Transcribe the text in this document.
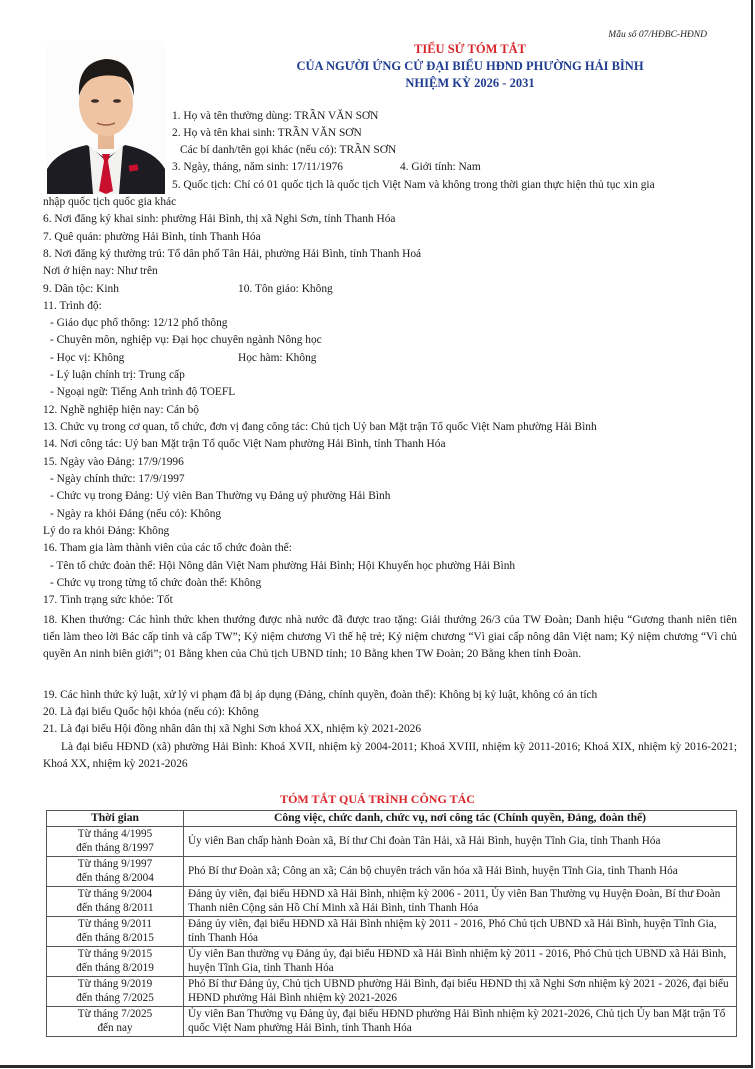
Mẫu số 07/HĐBC-HĐND
TIỂU SỬ TÓM TẮT
CỦA NGƯỜI ỨNG CỬ ĐẠI BIỂU HĐND PHƯỜNG HẢI BÌNH
NHIỆM KỲ 2026 - 2031
1. Họ và tên thường dùng: TRẦN VĂN SƠN
2. Họ và tên khai sinh: TRẦN VĂN SƠN
Các bí danh/tên gọi khác (nếu có): TRẦN SƠN
3. Ngày, tháng, năm sinh: 17/11/1976	4. Giới tính: Nam
5. Quốc tịch: Chỉ có 01 quốc tịch là quốc tịch Việt Nam và không trong thời gian thực hiện thủ tục xin gia
nhập quốc tịch quốc gia khác
6. Nơi đăng ký khai sinh: phường Hải Bình, thị xã Nghi Sơn, tỉnh Thanh Hóa
7. Quê quán: phường Hải Bình, tỉnh Thanh Hóa
8. Nơi đăng ký thường trú: Tổ dân phố Tân Hải, phường Hải Bình, tỉnh Thanh Hoá
Nơi ở hiện nay: Như trên
9. Dân tộc: Kinh	10. Tôn giáo: Không
11. Trình độ:
- Giáo dục phổ thông: 12/12 phổ thông
- Chuyên môn, nghiệp vụ: Đại học chuyên ngành Nông học
- Học vị: Không	Học hàm: Không
- Lý luận chính trị: Trung cấp
- Ngoại ngữ: Tiếng Anh trình độ TOEFL
12. Nghề nghiệp hiện nay: Cán bộ
13. Chức vụ trong cơ quan, tổ chức, đơn vị đang công tác: Chủ tịch Uỷ ban Mặt trận Tổ quốc Việt Nam phường Hải Bình
14. Nơi công tác: Uỷ ban Mặt trận Tổ quốc Việt Nam phường Hải Bình, tỉnh Thanh Hóa
15. Ngày vào Đảng: 17/9/1996
- Ngày chính thức: 17/9/1997
- Chức vụ trong Đảng: Uỷ viên Ban Thường vụ Đảng uỷ phường Hải Bình
- Ngày ra khỏi Đảng (nếu có): Không
Lý do ra khỏi Đảng: Không
16. Tham gia làm thành viên của các tổ chức đoàn thể:
- Tên tổ chức đoàn thể: Hội Nông dân Việt Nam phường Hải Bình; Hội Khuyến học phường Hải Bình
- Chức vụ trong từng tổ chức đoàn thể: Không
17. Tình trạng sức khỏe: Tốt
18. Khen thưởng: Các hình thức khen thưởng được nhà nước đã được trao tặng: Giải thưởng 26/3 của TW Đoàn; Danh hiệu “Gương thanh niên tiên tiến làm theo lời Bác cấp tỉnh và cấp TW”; Kỷ niệm chương Vì thế hệ trẻ; Kỷ niệm chương “Vì giai cấp nông dân Việt nam; Kỷ niệm chương “Vì chủ quyền An ninh biên giới”; 01 Bằng khen của Chủ tịch UBND tỉnh; 10 Bằng khen TW Đoàn; 20 Bằng khen tỉnh Đoàn.
19. Các hình thức kỷ luật, xử lý vi phạm đã bị áp dụng (Đảng, chính quyền, đoàn thể): Không bị kỷ luật, không có án tích
20. Là đại biểu Quốc hội khóa (nếu có): Không
21. Là đại biểu Hội đồng nhân dân thị xã Nghi Sơn khoá XX, nhiệm kỳ 2021-2026
Là đại biểu HĐND (xã) phường Hải Bình: Khoá XVII, nhiệm kỳ 2004-2011; Khoá XVIII, nhiệm kỳ 2011-2016; Khoá XIX, nhiệm kỳ 2016-2021; Khoá XX, nhiệm kỳ 2021-2026
TÓM TẮT QUÁ TRÌNH CÔNG TÁC
Thời gian	Công việc, chức danh, chức vụ, nơi công tác (Chính quyền, Đảng, đoàn thể)

Từ tháng 4/1995
đến tháng 8/1997	Ủy viên Ban chấp hành Đoàn xã, Bí thư Chi đoàn Tân Hải, xã Hải Bình, huyện Tĩnh Gia, tỉnh Thanh Hóa

Từ tháng 9/1997
đến tháng 8/2004	Phó Bí thư Đoàn xã; Công an xã; Cán bộ chuyên trách văn hóa xã Hải Bình, huyện Tĩnh Gia, tỉnh Thanh Hóa

Từ tháng 9/2004
đến tháng 8/2011	Đảng ủy viên, đại biểu HĐND xã Hải Bình, nhiệm kỳ 2006 - 2011, Ủy viên Ban Thường vụ Huyện Đoàn, Bí thư Đoàn Thanh niên Cộng sản Hồ Chí Minh xã Hải Bình, tỉnh Thanh Hóa

Từ tháng 9/2011
đến tháng 8/2015	Đảng ủy viên, đại biểu HĐND xã Hải Bình nhiệm kỳ 2011 - 2016, Phó Chủ tịch UBND xã Hải Bình, huyện Tĩnh Gia, tỉnh Thanh Hóa

Từ tháng 9/2015
đến tháng 8/2019	Ủy viên Ban thường vụ Đảng ủy, đại biểu HĐND xã Hải Bình nhiệm kỳ 2011 - 2016, Phó Chủ tịch UBND xã Hải Bình, huyện Tĩnh Gia, tỉnh Thanh Hóa

Từ tháng 9/2019
đến tháng 7/2025	Phó Bí thư Đảng ủy, Chủ tịch UBND phường Hải Bình, đại biểu HĐND thị xã Nghi Sơn nhiệm kỳ 2021 - 2026, đại biểu HĐND phường Hải Bình nhiệm kỳ 2021-2026

Từ tháng 7/2025
đến nay	Ủy viên Ban Thường vụ Đảng ủy, đại biểu HĐND phường Hải Bình nhiệm kỳ 2021-2026, Chủ tịch Ủy ban Mặt trận Tổ quốc Việt Nam phường Hải Bình, tỉnh Thanh Hóa
